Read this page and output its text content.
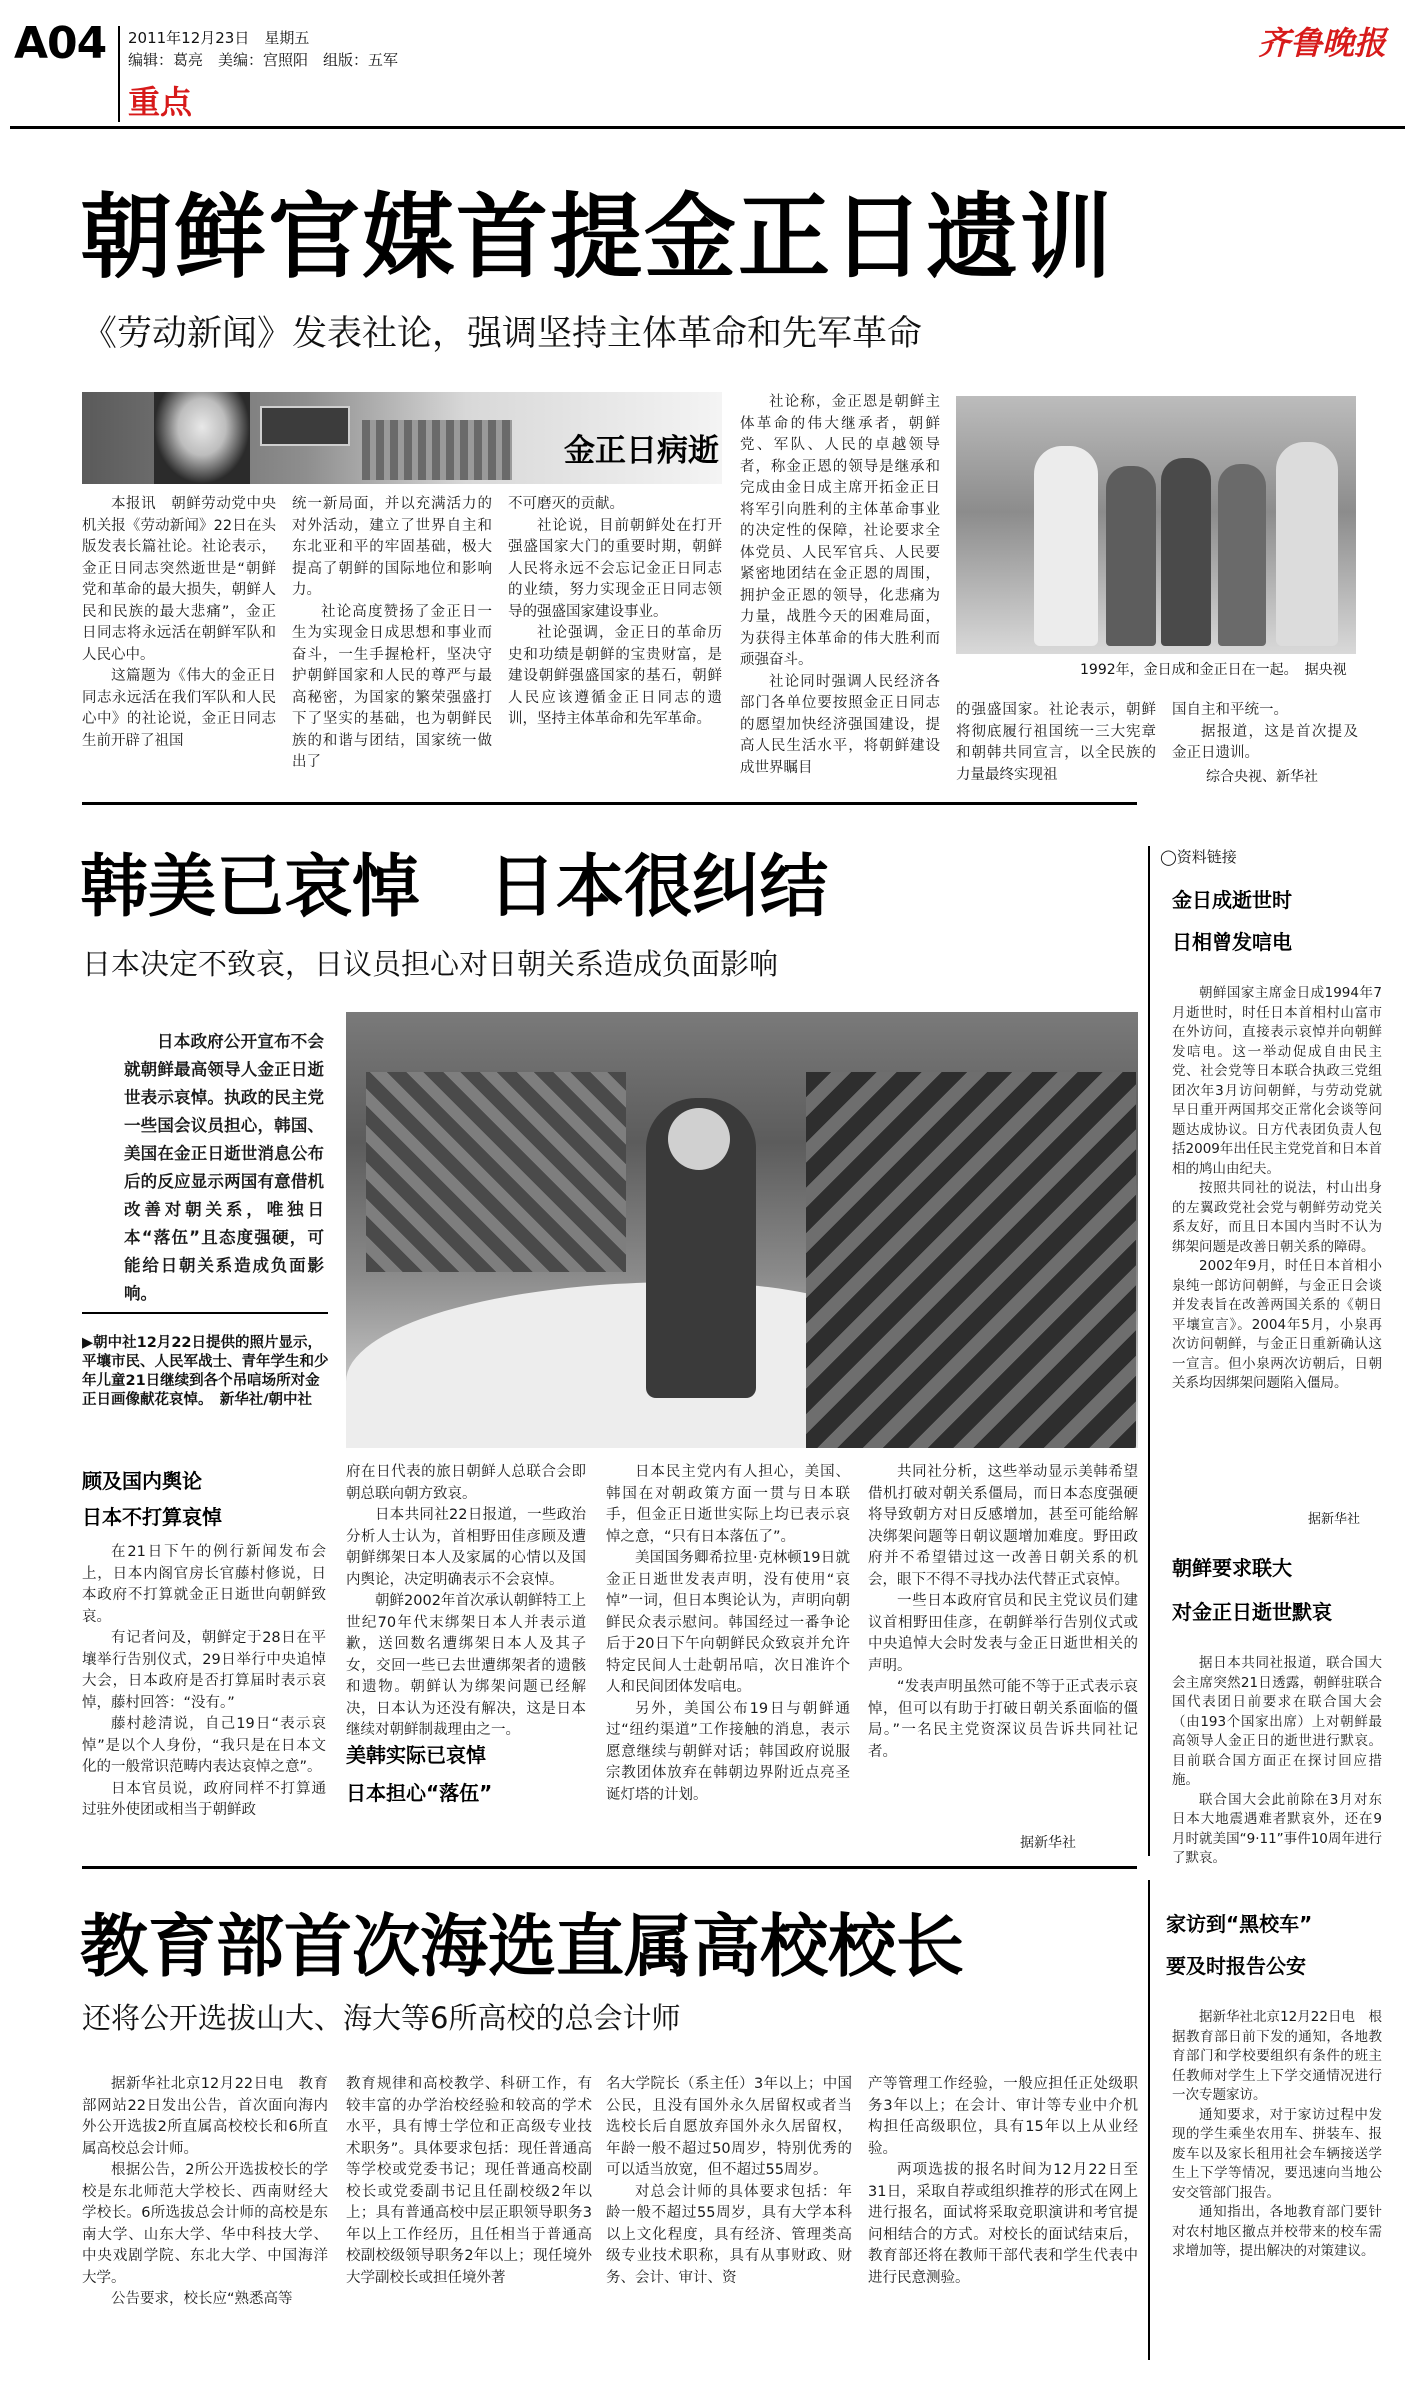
A04 2011年12月23日　星期五
编辑：葛亮　美编：宫照阳　组版：五军
重点
齐鲁晚报
朝鲜官媒首提金正日遗训
《劳动新闻》发表社论，强调坚持主体革命和先军革命
金正日病逝

本报讯　朝鲜劳动党中央机关报《劳动新闻》22日在头版发表长篇社论。社论表示，金正日同志突然逝世是“朝鲜党和革命的最大损失，朝鲜人民和民族的最大悲痛”，金正日同志将永远活在朝鲜军队和人民心中。

这篇题为《伟大的金正日同志永远活在我们军队和人民心中》的社论说，金正日同志生前开辟了祖国

统一新局面，并以充满活力的对外活动，建立了世界自主和东北亚和平的牢固基础，极大提高了朝鲜的国际地位和影响力。

社论高度赞扬了金正日一生为实现金日成思想和事业而奋斗，一生手握枪杆，坚决守护朝鲜国家和人民的尊严与最高秘密，为国家的繁荣强盛打下了坚实的基础，也为朝鲜民族的和谐与团结，国家统一做出了

不可磨灭的贡献。

社论说，目前朝鲜处在打开强盛国家大门的重要时期，朝鲜人民将永远不会忘记金正日同志的业绩，努力实现金正日同志领导的强盛国家建设事业。

社论强调，金正日的革命历史和功绩是朝鲜的宝贵财富，是建设朝鲜强盛国家的基石，朝鲜人民应该遵循金正日同志的遗训，坚持主体革命和先军革命。

社论称，金正恩是朝鲜主体革命的伟大继承者，朝鲜党、军队、人民的卓越领导者，称金正恩的领导是继承和完成由金日成主席开拓金正日将军引向胜利的主体革命事业的决定性的保障，社论要求全体党员、人民军官兵、人民要紧密地团结在金正恩的周围，拥护金正恩的领导，化悲痛为力量，战胜今天的困难局面，为获得主体革命的伟大胜利而顽强奋斗。

社论同时强调人民经济各部门各单位要按照金正日同志的愿望加快经济强国建设，提高人民生活水平，将朝鲜建设成世界瞩目

1992年，金日成和金正日在一起。　据央视

的强盛国家。社论表示，朝鲜将彻底履行祖国统一三大宪章和朝韩共同宣言，以全民族的力量最终实现祖

国自主和平统一。

据报道，这是首次提及金正日遗训。

综合央视、新华社
韩美已哀悼　日本很纠结
日本决定不致哀，日议员担心对日朝关系造成负面影响

日本政府公开宣布不会就朝鲜最高领导人金正日逝世表示哀悼。执政的民主党一些国会议员担心，韩国、美国在金正日逝世消息公布后的反应显示两国有意借机改善对朝关系，唯独日本“落伍”且态度强硬，可能给日朝关系造成负面影响。

▶朝中社12月22日提供的照片显示，平壤市民、人民军战士、青年学生和少年儿童21日继续到各个吊唁场所对金正日画像献花哀悼。　新华社/朝中社
顾及国内舆论
日本不打算哀悼

在21日下午的例行新闻发布会上，日本内阁官房长官藤村修说，日本政府不打算就金正日逝世向朝鲜致哀。

有记者问及，朝鲜定于28日在平壤举行告别仪式，29日举行中央追悼大会，日本政府是否打算届时表示哀悼，藤村回答：“没有。”

藤村趁清说，自己19日“表示哀悼”是以个人身份，“我只是在日本文化的一般常识范畴内表达哀悼之意”。

日本官员说，政府同样不打算通过驻外使团或相当于朝鲜政

府在日代表的旅日朝鲜人总联合会即朝总联向朝方致哀。

日本共同社22日报道，一些政治分析人士认为，首相野田佳彦顾及遭朝鲜绑架日本人及家属的心情以及国内舆论，决定明确表示不会哀悼。

朝鲜2002年首次承认朝鲜特工上世纪70年代末绑架日本人并表示道歉，送回数名遭绑架日本人及其子女，交回一些已去世遭绑架者的遗骸和遗物。朝鲜认为绑架问题已经解决，日本认为还没有解决，这是日本继续对朝鲜制裁理由之一。

美韩实际已哀悼
日本担心“落伍”

日本民主党内有人担心，美国、韩国在对朝政策方面一贯与日本联手，但金正日逝世实际上均已表示哀悼之意，“只有日本落伍了”。

美国国务卿希拉里·克林顿19日就金正日逝世发表声明，没有使用“哀悼”一词，但日本舆论认为，声明向朝鲜民众表示慰问。韩国经过一番争论后于20日下午向朝鲜民众致哀并允许特定民间人士赴朝吊唁，次日准许个人和民间团体发唁电。

另外，美国公布19日与朝鲜通过“纽约渠道”工作接触的消息，表示愿意继续与朝鲜对话；韩国政府说服宗教团体放弃在韩朝边界附近点亮圣诞灯塔的计划。

共同社分析，这些举动显示美韩希望借机打破对朝关系僵局，而日本态度强硬将导致朝方对日反感增加，甚至可能给解决绑架问题等日朝议题增加难度。野田政府并不希望错过这一改善日朝关系的机会，眼下不得不寻找办法代替正式哀悼。

一些日本政府官员和民主党议员们建议首相野田佳彦，在朝鲜举行告别仪式或中央追悼大会时发表与金正日逝世相关的声明。

“发表声明虽然可能不等于正式表示哀悼，但可以有助于打破日朝关系面临的僵局。”一名民主党资深议员告诉共同社记者。

据新华社
◯资料链接
金日成逝世时
日相曾发唁电

朝鲜国家主席金日成1994年7月逝世时，时任日本首相村山富市在外访问，直接表示哀悼并向朝鲜发唁电。这一举动促成自由民主党、社会党等日本联合执政三党组团次年3月访问朝鲜，与劳动党就早日重开两国邦交正常化会谈等问题达成协议。日方代表团负责人包括2009年出任民主党党首和日本首相的鸠山由纪夫。

按照共同社的说法，村山出身的左翼政党社会党与朝鲜劳动党关系友好，而且日本国内当时不认为绑架问题是改善日朝关系的障碍。

2002年9月，时任日本首相小泉纯一郎访问朝鲜，与金正日会谈并发表旨在改善两国关系的《朝日平壤宣言》。2004年5月，小泉再次访问朝鲜，与金正日重新确认这一宣言。但小泉两次访朝后，日朝关系均因绑架问题陷入僵局。

据新华社
朝鲜要求联大
对金正日逝世默哀

据日本共同社报道，联合国大会主席突然21日透露，朝鲜驻联合国代表团日前要求在联合国大会（由193个国家出席）上对朝鲜最高领导人金正日的逝世进行默哀。目前联合国方面正在探讨回应措施。

联合国大会此前除在3月对东日本大地震遇难者默哀外，还在9月时就美国“9·11”事件10周年进行了默哀。

教育部首次海选直属高校校长
还将公开选拔山大、海大等6所高校的总会计师

据新华社北京12月22日电　教育部网站22日发出公告，首次面向海内外公开选拔2所直属高校校长和6所直属高校总会计师。

根据公告，2所公开选拔校长的学校是东北师范大学校长、西南财经大学校长。6所选拔总会计师的高校是东南大学、山东大学、华中科技大学、中央戏剧学院、东北大学、中国海洋大学。

公告要求，校长应“熟悉高等

教育规律和高校教学、科研工作，有较丰富的办学治校经验和较高的学术水平，具有博士学位和正高级专业技术职务”。具体要求包括：现任普通高等学校或党委书记；现任普通高校副校长或党委副书记且任副校级2年以上；具有普通高校中层正职领导职务3年以上工作经历，且任相当于普通高校副校级领导职务2年以上；现任境外大学副校长或担任境外著

名大学院长（系主任）3年以上；中国公民，且没有国外永久居留权或者当选校长后自愿放弃国外永久居留权，年龄一般不超过50周岁，特别优秀的可以适当放宽，但不超过55周岁。

对总会计师的具体要求包括：年龄一般不超过55周岁，具有大学本科以上文化程度，具有经济、管理类高级专业技术职称，具有从事财政、财务、会计、审计、资

产等管理工作经验，一般应担任正处级职务3年以上；在会计、审计等专业中介机构担任高级职位，具有15年以上从业经验。

两项选拔的报名时间为12月22日至31日，采取自荐或组织推荐的形式在网上进行报名，面试将采取竞职演讲和考官提问相结合的方式。对校长的面试结束后，教育部还将在教师干部代表和学生代表中进行民意测验。

家访到“黑校车”
要及时报告公安

据新华社北京12月22日电　根据教育部日前下发的通知，各地教育部门和学校要组织有条件的班主任教师对学生上下学交通情况进行一次专题家访。

通知要求，对于家访过程中发现的学生乘坐农用车、拼装车、报废车以及家长租用社会车辆接送学生上下学等情况，要迅速向当地公安交管部门报告。

通知指出，各地教育部门要针对农村地区撤点并校带来的校车需求增加等，提出解决的对策建议。
